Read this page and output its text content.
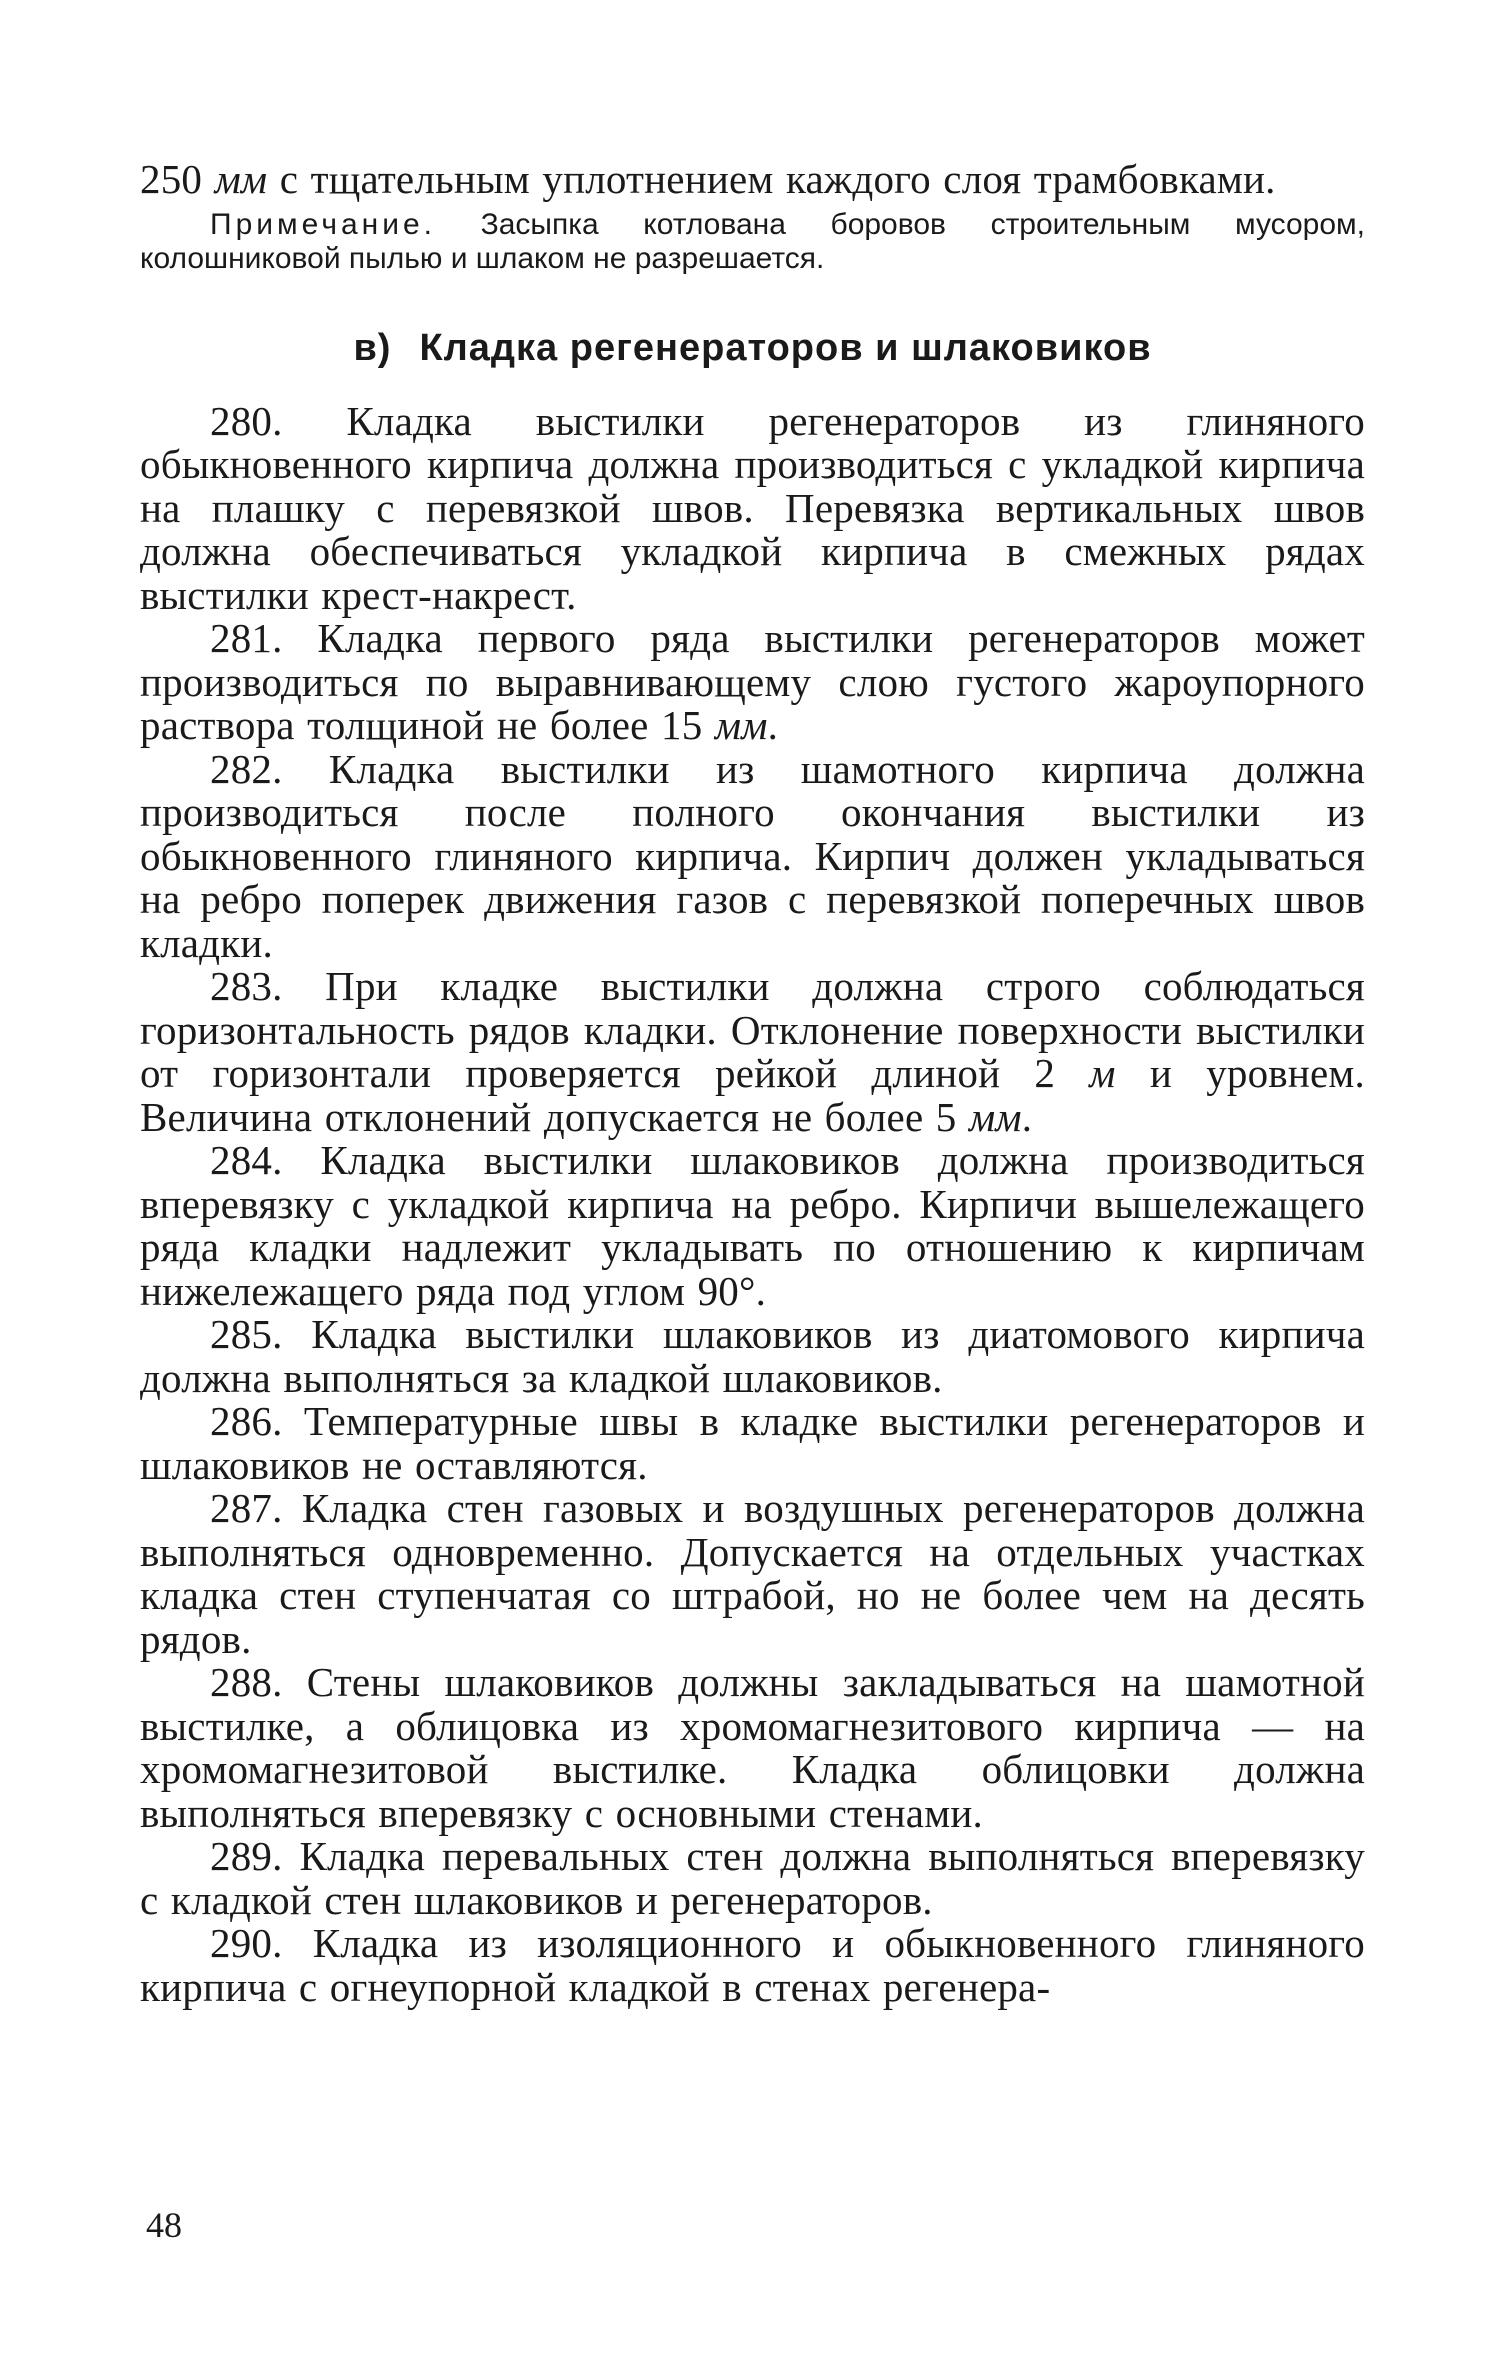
250 мм с тщательным уплотнением каждого слоя трамбовками.

Примечание. Засыпка котлована боровов строительным мусором, колошниковой пылью и шлаком не разрешается.

в) Кладка регенераторов и шлаковиков

280. Кладка выстилки регенераторов из глиняного обыкновенного кирпича должна производиться с укладкой кирпича на плашку с перевязкой швов. Перевязка вертикальных швов должна обеспечиваться укладкой кирпича в смежных рядах выстилки крест-накрест.

281. Кладка первого ряда выстилки регенераторов может производиться по выравнивающему слою густого жароупорного раствора толщиной не более 15 мм.

282. Кладка выстилки из шамотного кирпича должна производиться после полного окончания выстилки из обыкновенного глиняного кирпича. Кирпич должен укладываться на ребро поперек движения газов с перевязкой поперечных швов кладки.

283. При кладке выстилки должна строго соблюдаться горизонтальность рядов кладки. Отклонение поверхности выстилки от горизонтали проверяется рейкой длиной 2 м и уровнем. Величина отклонений допускается не более 5 мм.

284. Кладка выстилки шлаковиков должна производиться вперевязку с укладкой кирпича на ребро. Кирпичи вышележащего ряда кладки надлежит укладывать по отношению к кирпичам нижележащего ряда под углом 90°.

285. Кладка выстилки шлаковиков из диатомового кирпича должна выполняться за кладкой шлаковиков.

286. Температурные швы в кладке выстилки регенераторов и шлаковиков не оставляются.

287. Кладка стен газовых и воздушных регенераторов должна выполняться одновременно. Допускается на отдельных участках кладка стен ступенчатая со штрабой, но не более чем на десять рядов.

288. Стены шлаковиков должны закладываться на шамотной выстилке, а облицовка из хромомагнезитового кирпича — на хромомагнезитовой выстилке. Кладка облицовки должна выполняться вперевязку с основными стенами.

289. Кладка перевальных стен должна выполняться вперевязку с кладкой стен шлаковиков и регенераторов.

290. Кладка из изоляционного и обыкновенного глиняного кирпича с огнеупорной кладкой в стенах регенера-

48
